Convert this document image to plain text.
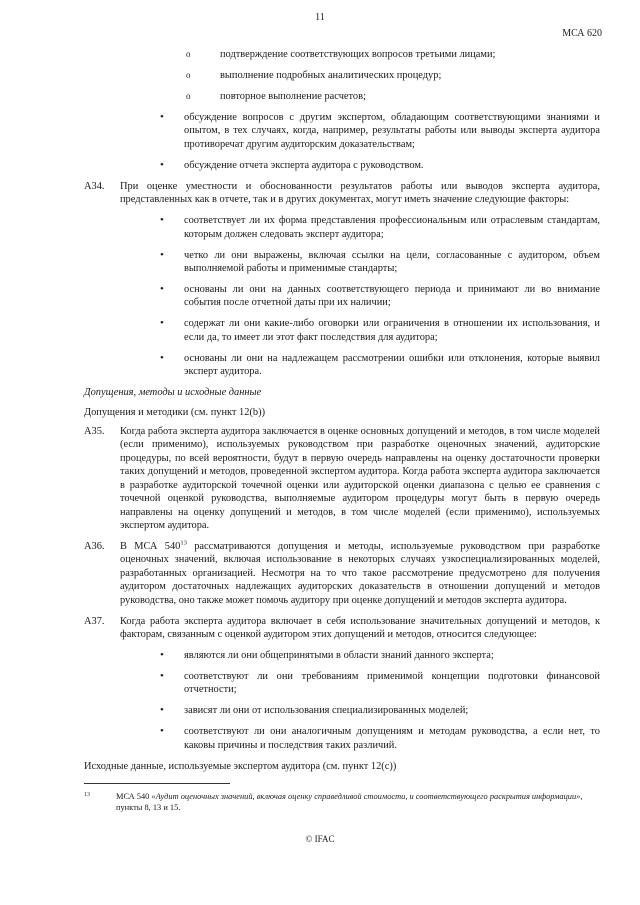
11
МСА 620
o	подтверждение соответствующих вопросов третьими лицами;
o	выполнение подробных аналитических процедур;
o	повторное выполнение расчетов;
• обсуждение вопросов с другим экспертом, обладающим соответствующими знаниями и опытом, в тех случаях, когда, например, результаты работы или выводы эксперта аудитора противоречат другим аудиторским доказательствам;
• обсуждение отчета эксперта аудитора с руководством.
А34. При оценке уместности и обоснованности результатов работы или выводов эксперта аудитора, представленных как в отчете, так и в других документах, могут иметь значение следующие факторы:
• соответствует ли их форма представления профессиональным или отраслевым стандартам, которым должен следовать эксперт аудитора;
• четко ли они выражены, включая ссылки на цели, согласованные с аудитором, объем выполняемой работы и применимые стандарты;
• основаны ли они на данных соответствующего периода и принимают ли во внимание события после отчетной даты при их наличии;
• содержат ли они какие-либо оговорки или ограничения в отношении их использования, и если да, то имеет ли этот факт последствия для аудитора;
• основаны ли они на надлежащем рассмотрении ошибки или отклонения, которые выявил эксперт аудитора.
Допущения, методы и исходные данные
Допущения и методики (см. пункт 12(b))
А35. Когда работа эксперта аудитора заключается в оценке основных допущений и методов, в том числе моделей (если применимо), используемых руководством при разработке оценочных значений, аудиторские процедуры, по всей вероятности, будут в первую очередь направлены на оценку достаточности проверки таких допущений и методов, проведенной экспертом аудитора. Когда работа эксперта аудитора заключается в разработке аудиторской точечной оценки или аудиторской оценки диапазона с целью ее сравнения с точечной оценкой руководства, выполняемые аудитором процедуры могут быть в первую очередь направлены на оценку допущений и методов, в том числе моделей (если применимо), используемых экспертом аудитора.
А36. В МСА $540^{13}$ рассматриваются допущения и методы, используемые руководством при разработке оценочных значений, включая использование в некоторых случаях узкоспециализированных моделей, разработанных организацией. Несмотря на то что такое рассмотрение предусмотрено для получения аудитором достаточных надлежащих аудиторских доказательств в отношении допущений и методов руководства, оно также может помочь аудитору при оценке допущений и методов эксперта аудитора.
А37. Когда работа эксперта аудитора включает в себя использование значительных допущений и методов, к факторам, связанным с оценкой аудитором этих допущений и методов, относится следующее:
• являются ли они общепринятыми в области знаний данного эксперта;
• соответствуют ли они требованиям применимой концепции подготовки финансовой отчетности;
• зависят ли они от использования специализированных моделей;
• соответствуют ли они аналогичным допущениям и методам руководства, а если нет, то каковы причины и последствия таких различий.
Исходные данные, используемые экспертом аудитора (см. пункт 12(c))
13	МСА 540 «Аудит оценочных значений, включая оценку справедливой стоимости, и соответствующего раскрытия информации», пункты 8, 13 и 15.
© IFAC
